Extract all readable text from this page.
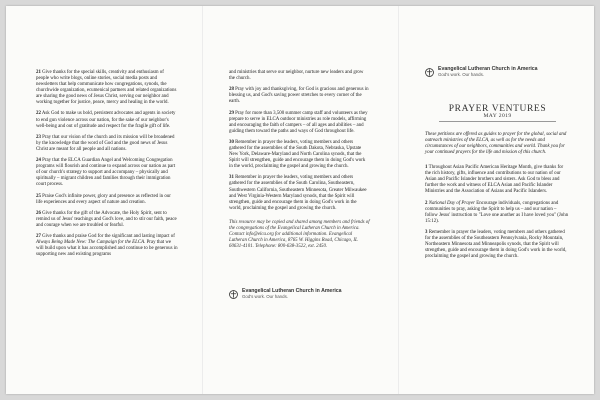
21 Give thanks for the special skills, creativity and enthusiasm of people who write blogs, online stories, social media posts and newsletters that help communicate how congregations, synods, the churchwide organization, ecumenical partners and related organizations are sharing the good news of Jesus Christ, serving our neighbor and working together for justice, peace, mercy and healing in the world.

22 Ask God to make us bold, persistent advocates and agents in society to end gun violence across our nation, for the sake of our neighbor's well-being and out of gratitude and respect for the fragile gift of life.

23 Pray that our vision of the church and its mission will be broadened by the knowledge that the word of God and the good news of Jesus Christ are meant for all people and all nations.

24 Pray that the ELCA Guardian Angel and Welcoming Congregation programs will flourish and continue to expand across our nation as part of our church's strategy to support and accompany – physically and spiritually – migrant children and families through their immigration court process.

25 Praise God's infinite power, glory and presence as reflected in our life experiences and every aspect of nature and creation.

26 Give thanks for the gift of the Advocate, the Holy Spirit, sent to remind us of Jesus' teachings and God's love, and to stir our faith, peace and courage when we are troubled or fearful.

27 Give thanks and praise God for the significant and lasting impact of Always Being Made New: The Campaign for the ELCA. Pray that we will build upon what it has accomplished and continue to be generous in supporting new and existing programs

and ministries that serve our neighbor, nurture new leaders and grow the church.

28 Pray with joy and thanksgiving, for God is gracious and generous in blessing us, and God's saving power stretches to every corner of the earth.

29 Pray for more than 3,500 summer camp staff and volunteers as they prepare to serve in ELCA outdoor ministries as role models, affirming and encouraging the faith of campers – of all ages and abilities – and guiding them toward the paths and ways of God throughout life.

30 Remember in prayer the leaders, voting members and others gathered for the assemblies of the South Dakota, Nebraska, Upstate New York, Delaware-Maryland and North Carolina synods, that the Spirit will strengthen, guide and encourage them in doing God's work in the world, proclaiming the gospel and growing the church.

31 Remember in prayer the leaders, voting members and others gathered for the assemblies of the South Carolina, Southeastern, Southwestern California, Southeastern Minnesota, Greater Milwaukee and West Virginia-Western Maryland synods, that the Spirit will strengthen, guide and encourage them in doing God's work in the world, proclaiming the gospel and growing the church.

This resource may be copied and shared among members and friends of the congregations of the Evangelical Lutheran Church in America. Contact info@elca.org for additional information. Evangelical Lutheran Church in America, 8765 W. Higgins Road, Chicago, IL 60631-4101. Telephone: 800-638-3522, ext. 2450.

Evangelical Lutheran Church in America
God's work. Our hands.
Evangelical Lutheran Church in America
God's work. Our hands.
PRAYER VENTURES
MAY 2019

These petitions are offered as guides to prayer for the global, social and outreach ministries of the ELCA, as well as for the needs and circumstances of our neighbors, communities and world. Thank you for your continued prayers for the life and mission of this church.

1 Throughout Asian Pacific American Heritage Month, give thanks for the rich history, gifts, influence and contributions to our nation of our Asian and Pacific Islander brothers and sisters. Ask God to bless and further the work and witness of ELCA Asian and Pacific Islander Ministries and the Association of Asians and Pacific Islanders.

2 National Day of Prayer Encourage individuals, congregations and communities to pray, asking the Spirit to help us – and our nation – follow Jesus' instruction to "Love one another as I have loved you" (John 15:12).

3 Remember in prayer the leaders, voting members and others gathered for the assemblies of the Southeastern Pennsylvania, Rocky Mountain, Northeastern Minnesota and Minneapolis synods, that the Spirit will strengthen, guide and encourage them in doing God's work in the world, proclaiming the gospel and growing the church.
